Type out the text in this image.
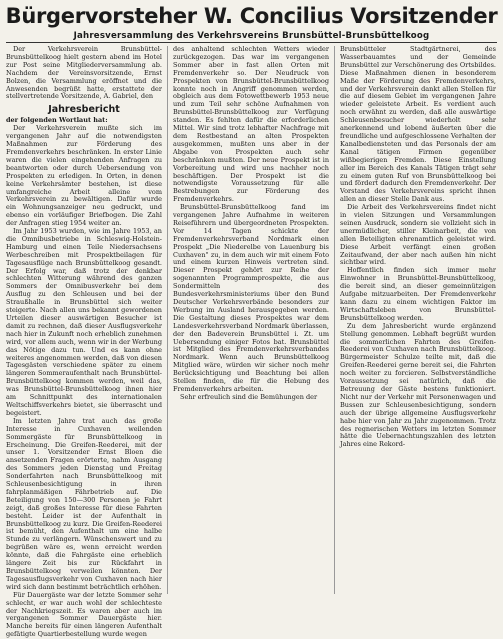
Bürgervorsteher W. Concilius Vorsitzender
Jahresversammlung des Verkehrsvereins Brunsbüttel-Brunsbüttelkoog

Der Verkehrsverein Brunsbüttel-Brunsbüttelkoog hielt gestern abend im Hotel zur Post seine Mitgliederversammlung ab. Nachdem der Vereinsvorsitzende, Ernst Bolzen, die Versammlung eröffnet und die Anwesenden begrüßt hatte, erstattete der stellvertretende Vorsitzende, A. Gabriel, den

Jahresbericht

der folgenden Wortlaut hat:

Der Verkehrsverein mußte sich im vergangenen Jahr auf die notwendigsten Maßnahmen zur Förderung des Fremdenverkehrs beschränken. In erster Linie waren die vielen eingehenden Anfragen zu beantworten oder durch Uebersendung von Prospekten zu erledigen. In Orten, in denen keine Verkehrsämter bestehen, ist diese umfangreiche Arbeit alleine vom Verkehrsverein zu bewältigen. Dafür wurde ein Wohnungsanzeiger neu gedruckt, und ebenso ein vorläufiger Briefbogen. Die Zahl der Anfragen stieg 1954 weiter an.

Im Jahr 1953 wurden, wie im Jahre 1953, an die Omnibusbetriebe in Schleswig-Holstein-Hamburg und einen Teile Niedersachsens Werbeschreiben mit Prospektbeilagen für Tagesausflüge nach Brunsbüttelkoog gesandt. Der Erfolg war, daß trotz der denkbar schlechten Witterung während des ganzen Sommers der Omnibusverkehr bei dem Ausflug zu den Schleusen und bei der Straußhalle in Brunsbüttel sich weiter steigerte. Nach allen uns bekannt gewordenen Urteilen dieser auswärtigen Besucher ist damit zu rechnen, daß dieser Ausflugsverkehr nach hier in Zukunft noch erheblich zunehmen wird, vor allem auch, wenn wir in der Werbung das Nötige dazu tun. Und es kann ohne weiteres angenommen werden, daß von diesen Tagesgästen verschiedene später zu einem längeren Sommeraufenthalt nach Brunsbüttel-Brunsbüttelkoog kommen werden, weil das, was Brunsbüttel-Brunsbüttelkoog ihnen hier am Schnittpunkt des internationalen Weltschiffsverkehrs bietet, sie überrascht und begeistert.

Im letzten Jahre trat auch das große Interesse in Cuxhaven weilenden Sommergäste für Brunsbüttelkoog in Erscheinung. Die Greifen-Reederei, mit der unser 1. Vorsitzender Ernst Bloen die ansetzenden Fragen erörterte, nahm Ausgang des Sommers jeden Dienstag und Freitag Sonderfahrten nach Brunsbüttelkoog mit Schleusenbesichtigung in ihren fahrplanmäßigen Fährbetrieb auf. Die Beteiligung von 150—300 Personen je Fahrt zeigt, daß großes Interesse für diese Fahrten besteht. Leider ist der Aufenthalt in Brunsbüttelkoog zu kurz. Die Greifen-Reederei ist bemüht, den Aufenthalt um eine halbe Stunde zu verlängern. Wünschenswert und zu begrüßen wäre es, wenn erreicht werden könnte, daß die Fahrgäste eine erheblich längere Zeit bis zur Rückfahrt in Brunsbüttelkoog verweilen könnten. Der Tagesausflugsverkehr von Cuxhaven nach hier wird sich dann bestimmt beträchtlich erhöhen.

Für Dauergäste war der letzte Sommer sehr schlecht, er war auch wohl der schlechteste der Nachkriegszeit. Es waren aber auch im vergangenen Sommer Dauergäste hier. Manche bereits für einen längeren Aufenthalt gefätigte Quartierbestellung wurde wegen

des anhaltend schlechten Wetters wieder zurückgezogen. Das war im vergangenen Sommer aber in fast allen Orten mit Fremdenverkehr so. Der Neudruck von Prospekten von Brunsbüttel-Brunsbüttelkoog konnte noch in Angriff genommen werden, obgleich aus dem Fotowettbewerb 1953 neue und zum Teil sehr schöne Aufnahmen von Brunsbüttel-Brunsbüttelkoog zur Verfügung standen. Es fehlten dafür die erforderlichen Mittel. Wir sind trotz lebhafter Nachfrage mit dem Restbestand an alten Prospekten ausgekommen, mußten uns aber in der Abgabe von Prospekten auch sehr beschränken mußten. Der neue Prospekt ist in Vorbereitung und wird uns nachher noch beschäftigen. Der Prospekt ist die notwendigste Voraussetzung für alle Bestrebungen zur Förderung des Fremdenverkehrs.

Brunsbüttel-Brunsbüttelkoog fand im vergangenen Jahre Aufnahme in weiteren Reiseführern und übergeordneten Prospekten. Vor 14 Tagen schickte der Fremdenverkehrsverband Nordmark einen Prospekt „Die Niederelbe von Lauenburg bis Cuxhaven" zu, in dem auch wir mit einem Foto und einem kurzen Hinweis vertreten sind. Dieser Prospekt gehört zur Reihe der sogenannten Programmprospekte, die aus Sondermitteln des Bundesverkehrsministeriums über den Bund Deutscher Verkehrsverbände besonders zur Werbung im Ausland herausgegeben werden. Die Gestaltung dieses Prospektes war dem Landesverkehrsverband Nordmark überlassen, der den Badeverein Brunsbüttel i. Zt. um Uebersendung einiger Fotos bat. Brunsbüttel ist Mitglied des Fremdenverkehrsverbandes Nordmark. Wenn auch Brunsbüttelkoog Mitglied wäre, würden wir sicher noch mehr Berücksichtigung und Beachtung bei allen Stellen finden, die für die Hebung des Fremdenverkehrs arbeiten.

Sehr erfreulich sind die Bemühungen der

Brunsbütteler Stadtgärtnerei, des Wasserbauamtes und der Gemeinde Brunsbüttel zur Verschönerung des Ortsbildes. Diese Maßnahmen dienen in besonderem Maße der Förderung des Fremdenverkehrs, und der Verkehrsverein dankt allen Stellen für die auf diesem Gebiet im vergangenen Jahre wieder geleistete Arbeit. Es verdient auch noch erwähnt zu werden, daß alle auswärtige Schleusenbesucher wiederholt sehr anerkennend und lobend äußerten über die freundliche und aufgeschlossene Verhalten der Kanalbediensteten und das Personals der am Kanal tätigen Firmen gegenüber wißbegierigen Fremden. Diese Einstellung aller im Bereich des Kanals Tätigen trägt sehr zu einem guten Ruf von Brunsbüttelkoog bei und fördert dadurch den Fremdenverkehr. Der Vorstand des Verkehrsvereins spricht ihnen allen an dieser Stelle Dank aus.

Die Arbeit des Verkehrsvereins findet nicht in vielen Sitzungen und Versammlungen seinen Ausdruck, sondern sie vollzieht sich in unermüdlicher, stiller Kleinarbeit, die von allen Beteiligten ehrenamtlich geleistet wird. Diese Arbeit verfängt einen großen Zeitaufwand, der aber nach außen hin nicht sichtbar wird.

Hoffentlich finden sich immer mehr Einwohner in Brunsbüttel-Brunsbüttelkoog, die bereit sind, an dieser gemeinnützigen Aufgabe mitzuarbeiten. Der Fremdenverkehr kann dazu zu einem wichtigen Faktor im Wirtschaftsleben von Brunsbüttel-Brunsbüttelkoog werden.

Zu dem Jahresbericht wurde ergänzend Stellung genommen. Lebhaft begrüßt wurden die sommerlichen Fahrten des Greifen-Reederei von Cuxhaven nach Brunsbüttelkoog. Bürgermeister Schulze teilte mit, daß die Greifen-Reederei gerne bereit sei, die Fahrten noch weiter zu forcieren. Selbstverständliche Voraussetzung sei natürlich, daß die Betreuung der Gäste bestens funktioniert. Nicht nur der Verkehr mit Personenwagen und Bussen zur Schleusenbesichtigung, sondern auch der übrige allgemeine Ausflugsverkehr habe hier von Jahr zu Jahr zugenommen. Trotz des regnerischen Wetters im letzten Sommer hätte die Uebernachtungszahlen des letzten Jahres eine Rekord-
